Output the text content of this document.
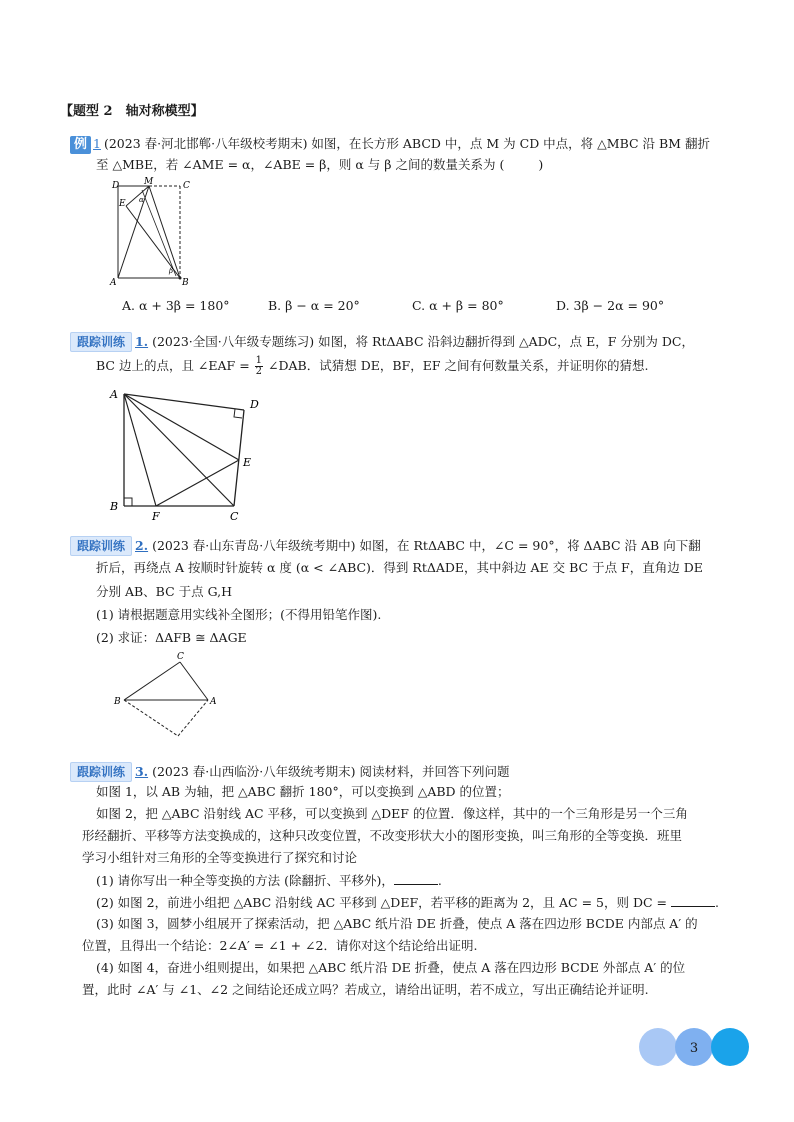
【题型 2　轴对称模型】
例 1 (2023 春·河北邯郸·八年级校考期末) 如图，在长方形 ABCD 中，点 M 为 CD 中点，将 △MBC 沿 BM 翻折
至 △MBE，若 ∠AME = α，∠ABE = β，则 α 与 β 之间的数量关系为 (	)
D	M	C
E α
β
A	B
A. α + 3β = 180°	B. β − α = 20°	C. α + β = 80°	D. 3β − 2α = 90°
跟踪训练 1. (2023·全国·八年级专题练习) 如图，将 RtΔABC 沿斜边翻折得到 △ADC，点 E，F 分别为 DC，
BC 边上的点，且 ∠EAF = $\frac{1}{2}$ ∠DAB．试猜想 DE，BF，EF 之间有何数量关系，并证明你的猜想.
A
D
E
B
F	C
跟踪训练 2. (2023 春·山东青岛·八年级统考期中) 如图，在 RtΔABC 中，∠C = 90°，将 ΔABC 沿 AB 向下翻
折后，再绕点 A 按顺时针旋转 α 度 (α < ∠ABC)．得到 RtΔADE，其中斜边 AE 交 BC 于点 F，直角边 DE
分别 AB、BC 于点 G,H
(1) 请根据题意用实线补全图形；(不得用铅笔作图).
(2) 求证：ΔAFB ≅ ΔAGE
C
B	A
跟踪训练 3. (2023 春·山西临汾·八年级统考期末) 阅读材料，并回答下列问题
如图 1，以 AB 为轴，把 △ABC 翻折 180°，可以变换到 △ABD 的位置；
如图 2，把 △ABC 沿射线 AC 平移，可以变换到 △DEF 的位置．像这样，其中的一个三角形是另一个三角
形经翻折、平移等方法变换成的，这种只改变位置，不改变形状大小的图形变换，叫三角形的全等变换．班里
学习小组针对三角形的全等变换进行了探究和讨论
(1) 请你写出一种全等变换的方法 (除翻折、平移外)，	.
(2) 如图 2，前进小组把 △ABC 沿射线 AC 平移到 △DEF，若平移的距离为 2，且 AC = 5，则 DC =	.
(3) 如图 3，圆梦小组展开了探索活动，把 △ABC 纸片沿 DE 折叠，使点 A 落在四边形 BCDE 内部点 A′ 的
位置，且得出一个结论：2∠A′ = ∠1 + ∠2．请你对这个结论给出证明.
(4) 如图 4，奋进小组则提出，如果把 △ABC 纸片沿 DE 折叠，使点 A 落在四边形 BCDE 外部点 A′ 的位
置，此时 ∠A′ 与 ∠1、∠2 之间结论还成立吗？若成立，请给出证明，若不成立，写出正确结论并证明.
3
